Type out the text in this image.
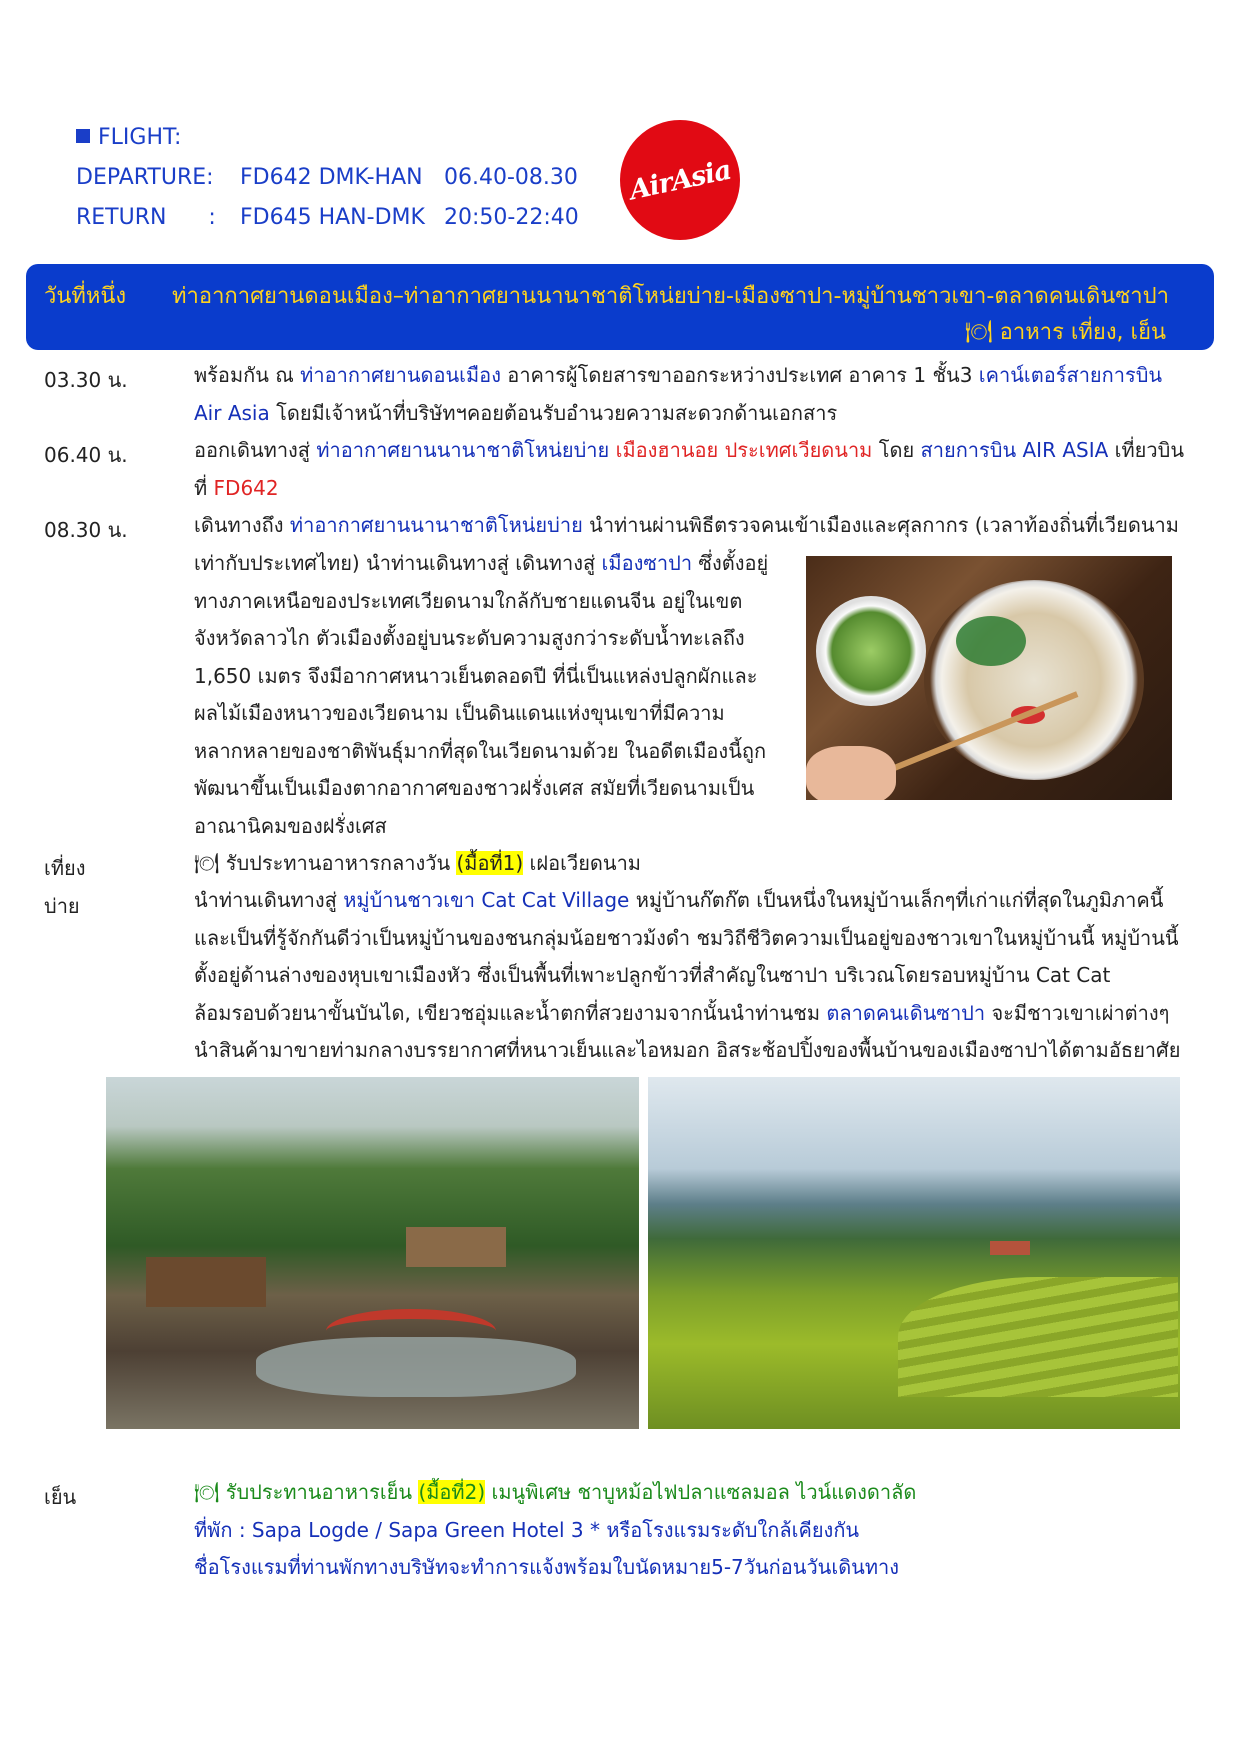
FLIGHT:
DEPARTURE: FD642 DMK-HAN 06.40-08.30
RETURN      : FD645 HAN-DMK 20:50-22:40
AirAsia
วันที่หนึ่ง ท่าอากาศยานดอนเมือง–ท่าอากาศยานนานาชาติโหน่ยบ่าย-เมืองซาปา-หมู่บ้านชาวเขา-ตลาดคนเดินซาปา
🍽 อาหาร เที่ยง, เย็น
03.30 น.	พร้อมกัน ณ ท่าอากาศยานดอนเมือง อาคารผู้โดยสารขาออกระหว่างประเทศ อาคาร 1 ชั้น3 เคาน์เตอร์สายการบิน
Air Asia โดยมีเจ้าหน้าที่บริษัทฯคอยต้อนรับอำนวยความสะดวกด้านเอกสาร
06.40 น.	ออกเดินทางสู่ ท่าอากาศยานนานาชาติโหน่ยบ่าย เมืองฮานอย ประเทศเวียดนาม โดย สายการบิน AIR ASIA เที่ยวบิน
ที่ FD642
08.30 น.	เดินทางถึง ท่าอากาศยานนานาชาติโหน่ยบ่าย นำท่านผ่านพิธีตรวจคนเข้าเมืองและศุลกากร (เวลาท้องถิ่นที่เวียดนาม
เท่ากับประเทศไทย) นำท่านเดินทางสู่ เดินทางสู่ เมืองซาปา ซึ่งตั้งอยู่
ทางภาคเหนือของประเทศเวียดนามใกล้กับชายแดนจีน อยู่ในเขต
จังหวัดลาวไก ตัวเมืองตั้งอยู่บนระดับความสูงกว่าระดับน้ำทะเลถึง
1,650 เมตร จึงมีอากาศหนาวเย็นตลอดปี ที่นี่เป็นแหล่งปลูกผักและ
ผลไม้เมืองหนาวของเวียดนาม เป็นดินแดนแห่งขุนเขาที่มีความ
หลากหลายของชาติพันธุ์มากที่สุดในเวียดนามด้วย ในอดีตเมืองนี้ถูก
พัฒนาขึ้นเป็นเมืองตากอากาศของชาวฝรั่งเศส สมัยที่เวียดนามเป็น
อาณานิคมของฝรั่งเศส
เที่ยง	🍽 รับประทานอาหารกลางวัน (มื้อที่1) เฝอเวียดนาม
บ่าย	นำท่านเดินทางสู่ หมู่บ้านชาวเขา Cat Cat Village หมู่บ้านก๊ตก๊ต เป็นหนึ่งในหมู่บ้านเล็กๆที่เก่าแก่ที่สุดในภูมิภาคนี้
และเป็นที่รู้จักกันดีว่าเป็นหมู่บ้านของชนกลุ่มน้อยชาวม้งดำ ชมวิถีชีวิตความเป็นอยู่ของชาวเขาในหมู่บ้านนี้ หมู่บ้านนี้
ตั้งอยู่ด้านล่างของหุบเขาเมืองหัว ซึ่งเป็นพื้นที่เพาะปลูกข้าวที่สำคัญในซาปา บริเวณโดยรอบหมู่บ้าน Cat Cat
ล้อมรอบด้วยนาขั้นบันได, เขียวชอุ่มและน้ำตกที่สวยงามจากนั้นนำท่านชม ตลาดคนเดินซาปา จะมีชาวเขาเผ่าต่างๆ
นำสินค้ามาขายท่ามกลางบรรยากาศที่หนาวเย็นและไอหมอก อิสระช้อปปิ้งของพื้นบ้านของเมืองซาปาได้ตามอัธยาศัย
เย็น	🍽 รับประทานอาหารเย็น (มื้อที่2) เมนูพิเศษ ชาบูหม้อไฟปลาแซลมอล ไวน์แดงดาลัด
ที่พัก : Sapa Logde / Sapa Green Hotel 3 * หรือโรงแรมระดับใกล้เคียงกัน
ชื่อโรงแรมที่ท่านพักทางบริษัทจะทำการแจ้งพร้อมใบนัดหมาย5-7วันก่อนวันเดินทาง
